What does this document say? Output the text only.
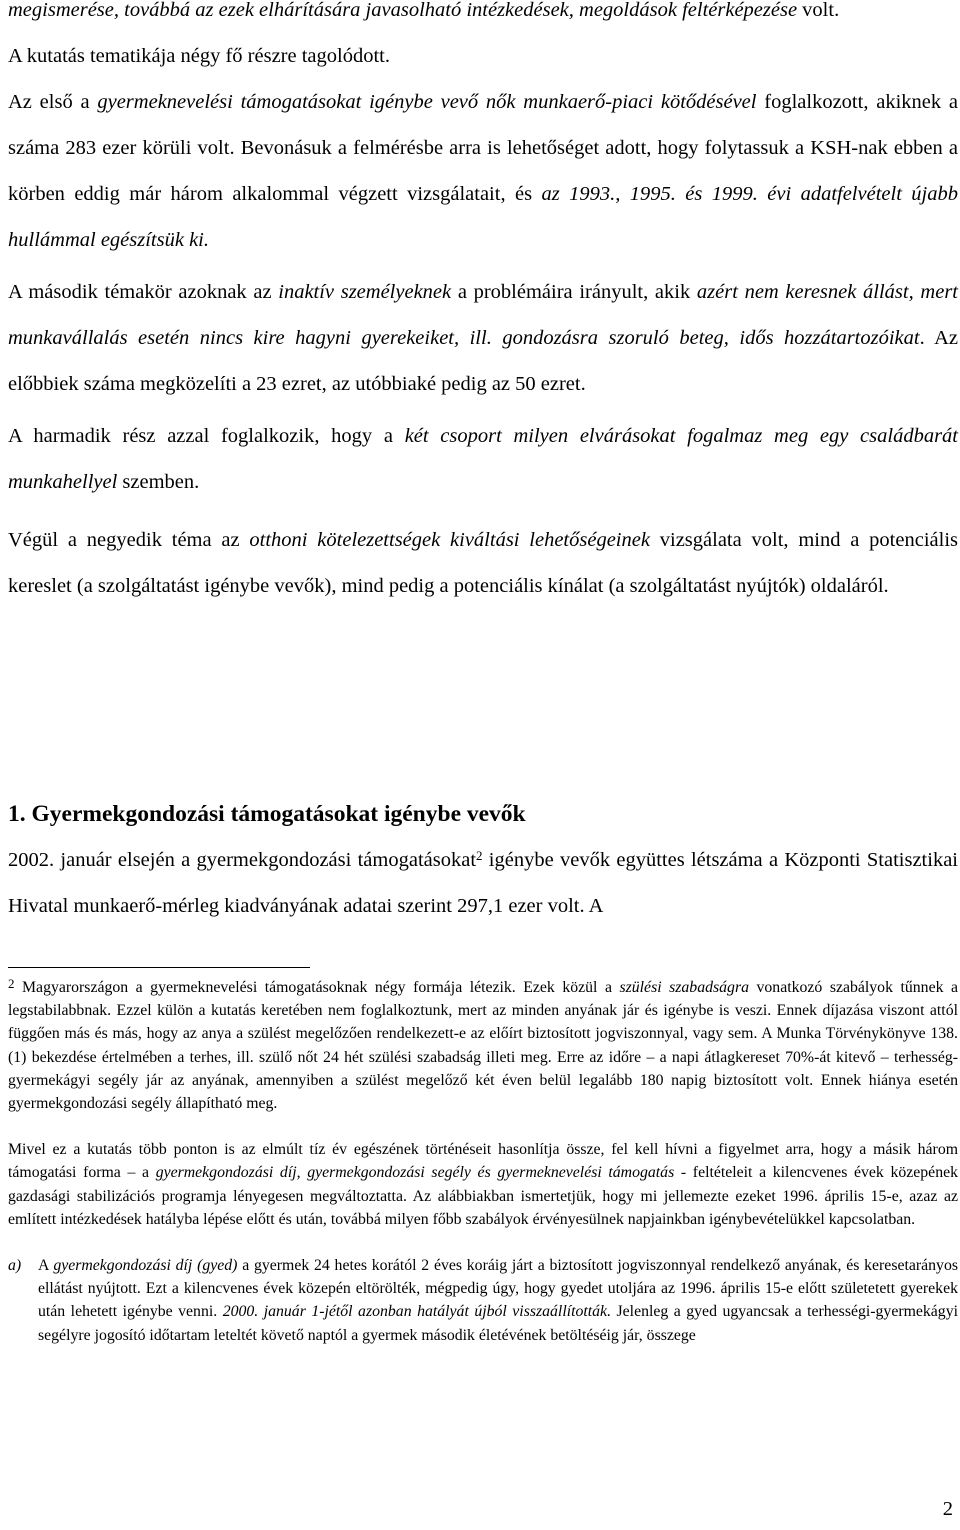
megismerése, továbbá az ezek elhárítására javasolható intézkedések, megoldások feltérképezése volt.

A kutatás tematikája négy fő részre tagolódott.

Az első a gyermeknevelési támogatásokat igénybe vevő nők munkaerő-piaci kötődésével foglalkozott, akiknek a száma 283 ezer körüli volt. Bevonásuk a felmérésbe arra is lehetőséget adott, hogy folytassuk a KSH-nak ebben a körben eddig már három alkalommal végzett vizsgálatait, és az 1993., 1995. és 1999. évi adatfelvételt újabb hullámmal egészítsük ki.

A második témakör azoknak az inaktív személyeknek a problémáira irányult, akik azért nem keresnek állást, mert munkavállalás esetén nincs kire hagyni gyerekeiket, ill. gondozásra szoruló beteg, idős hozzátartozóikat. Az előbbiek száma megközelíti a 23 ezret, az utóbbiaké pedig az 50 ezret.

A harmadik rész azzal foglalkozik, hogy a két csoport milyen elvárásokat fogalmaz meg egy családbarát munkahellyel szemben.

Végül a negyedik téma az otthoni kötelezettségek kiváltási lehetőségeinek vizsgálata volt, mind a potenciális kereslet (a szolgáltatást igénybe vevők), mind pedig a potenciális kínálat (a szolgáltatást nyújtók) oldaláról.

1. Gyermekgondozási támogatásokat igénybe vevők

2002. január elsején a gyermekgondozási támogatásokat$^2$ igénybe vevők együttes létszáma a Központi Statisztikai Hivatal munkaerő-mérleg kiadványának adatai szerint 297,1 ezer volt. A

$^2$ Magyarországon a gyermeknevelési támogatásoknak négy formája létezik. Ezek közül a szülési szabadságra vonatkozó szabályok tűnnek a legstabilabbnak. Ezzel külön a kutatás keretében nem foglalkoztunk, mert az minden anyának jár és igénybe is veszi. Ennek díjazása viszont attól függően más és más, hogy az anya a szülést megelőzően rendelkezett-e az előírt biztosított jogviszonnyal, vagy sem. A Munka Törvénykönyve 138. (1) bekezdése értelmében a terhes, ill. szülő nőt 24 hét szülési szabadság illeti meg. Erre az időre – a napi átlagkereset 70%-át kitevő – terhesség-gyermekágyi segély jár az anyának, amennyiben a szülést megelőző két éven belül legalább 180 napig biztosított volt. Ennek hiánya esetén gyermekgondozási segély állapítható meg.

Mivel ez a kutatás több ponton is az elmúlt tíz év egészének történéseit hasonlítja össze, fel kell hívni a figyelmet arra, hogy a másik három támogatási forma – a gyermekgondozási díj, gyermekgondozási segély és gyermeknevelési támogatás - feltételeit a kilencvenes évek közepének gazdasági stabilizációs programja lényegesen megváltoztatta. Az alábbiakban ismertetjük, hogy mi jellemezte ezeket 1996. április 15-e, azaz az említett intézkedések hatályba lépése előtt és után, továbbá milyen főbb szabályok érvényesülnek napjainkban igénybevételükkel kapcsolatban.

a)	A gyermekgondozási díj (gyed) a gyermek 24 hetes korától 2 éves koráig járt a biztosított jogviszonnyal rendelkező anyának, és keresetarányos ellátást nyújtott. Ezt a kilencvenes évek közepén eltörölték, mégpedig úgy, hogy gyedet utoljára az 1996. április 15-e előtt születetett gyerekek után lehetett igénybe venni. 2000. január 1-jétől azonban hatályát újból visszaállították. Jelenleg a gyed ugyancsak a terhességi-gyermekágyi segélyre jogosító időtartam leteltét követő naptól a gyermek második életévének betöltéséig jár, összege
2
